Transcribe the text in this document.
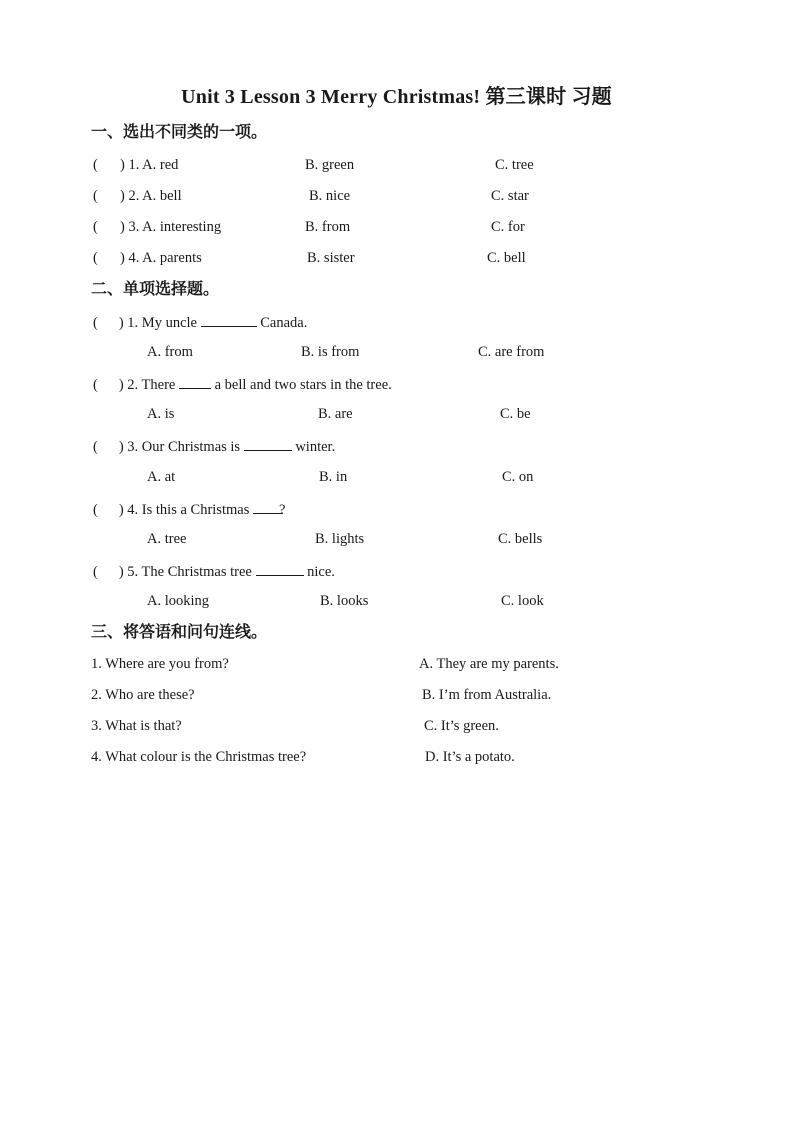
Unit 3 Lesson 3 Merry Christmas! 第三课时 习题
一、选出不同类的一项。
( ) 1. A. red	B. green	C. tree
( ) 2. A. bell	B. nice	C. star
( ) 3. A. interesting	B. from	C. for
( ) 4. A. parents	B. sister	C. bell
二、单项选择题。
( ) 1. My uncle	Canada.
A. from	B. is from	C. are from
( ) 2. There	a bell and two stars in the tree.
A. is	B. are	C. be
( ) 3. Our Christmas is	winter.
A. at	B. in	C. on
( ) 4. Is this a Christmas ?
A. tree	B. lights	C. bells
( ) 5. The Christmas tree	nice.
A. looking	B. looks	C. look
三、将答语和问句连线。
1. Where are you from?	A. They are my parents.
2. Who are these?	B. I’m from Australia.
3. What is that?	C. It’s green.
4. What colour is the Christmas tree?	D. It’s a potato.
